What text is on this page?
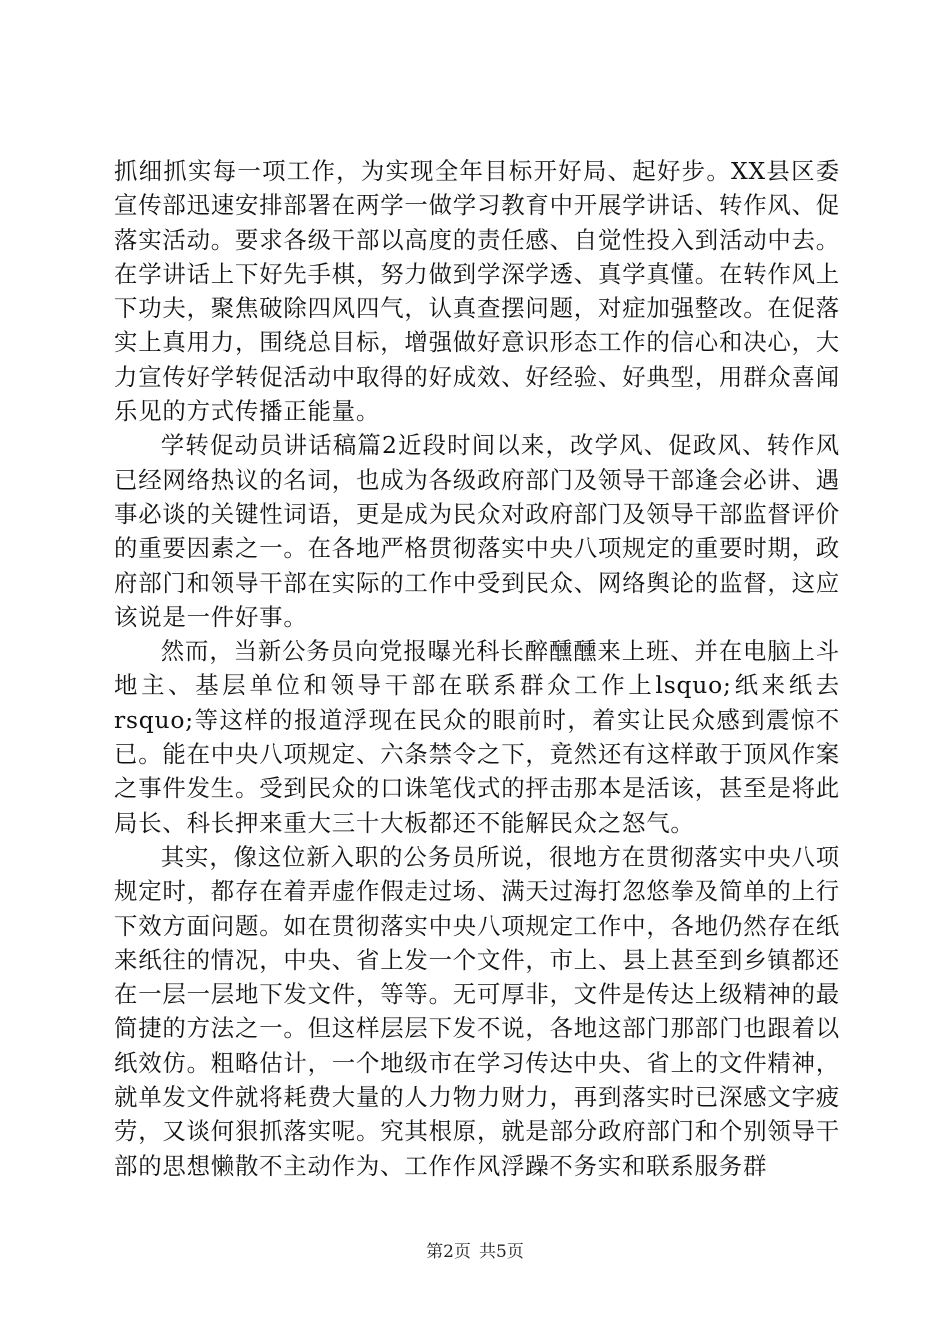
抓细抓实每一项工作，为实现全年目标开好局、起好步。XX县区委宣传部迅速安排部署在两学一做学习教育中开展学讲话、转作风、促落实活动。要求各级干部以高度的责任感、自觉性投入到活动中去。在学讲话上下好先手棋，努力做到学深学透、真学真懂。在转作风上下功夫，聚焦破除四风四气，认真查摆问题，对症加强整改。在促落实上真用力，围绕总目标，增强做好意识形态工作的信心和决心，大力宣传好学转促活动中取得的好成效、好经验、好典型，用群众喜闻乐见的方式传播正能量。

学转促动员讲话稿篇2近段时间以来，改学风、促政风、转作风已经网络热议的名词，也成为各级政府部门及领导干部逢会必讲、遇事必谈的关键性词语，更是成为民众对政府部门及领导干部监督评价的重要因素之一。在各地严格贯彻落实中央八项规定的重要时期，政府部门和领导干部在实际的工作中受到民众、网络舆论的监督，这应该说是一件好事。

然而，当新公务员向党报曝光科长醉醺醺来上班、并在电脑上斗地主、基层单位和领导干部在联系群众工作上lsquo;纸来纸去rsquo;等这样的报道浮现在民众的眼前时，着实让民众感到震惊不已。能在中央八项规定、六条禁令之下，竟然还有这样敢于顶风作案之事件发生。受到民众的口诛笔伐式的抨击那本是活该，甚至是将此局长、科长押来重大三十大板都还不能解民众之怒气。

其实，像这位新入职的公务员所说，很地方在贯彻落实中央八项规定时，都存在着弄虚作假走过场、满天过海打忽悠拳及简单的上行下效方面问题。如在贯彻落实中央八项规定工作中，各地仍然存在纸来纸往的情况，中央、省上发一个文件，市上、县上甚至到乡镇都还在一层一层地下发文件，等等。无可厚非，文件是传达上级精神的最简捷的方法之一。但这样层层下发不说，各地这部门那部门也跟着以纸效仿。粗略估计，一个地级市在学习传达中央、省上的文件精神，就单发文件就将耗费大量的人力物力财力，再到落实时已深感文字疲劳，又谈何狠抓落实呢。究其根原，就是部分政府部门和个别领导干部的思想懒散不主动作为、工作作风浮躁不务实和联系服务群

第2页 共5页
